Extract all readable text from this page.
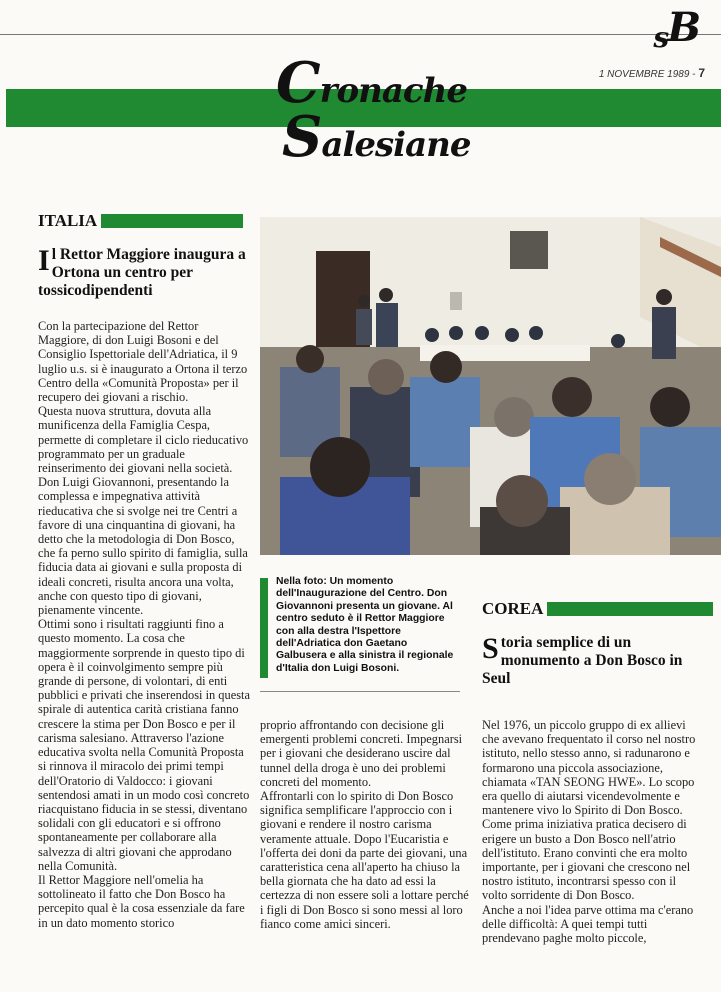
sB
1 NOVEMBRE 1989 - 7
Cronache
Salesiane
ITALIA
Il Rettor Maggiore inaugura a Ortona un centro per tossicodipendenti

Con la partecipazione del Rettor Maggiore, di don Luigi Bosoni e del Consiglio Ispettoriale dell'Adriatica, il 9 luglio u.s. si è inaugurato a Ortona il terzo Centro della «Comunità Proposta» per il recupero dei giovani a rischio.

Questa nuova struttura, dovuta alla munificenza della Famiglia Cespa, permette di completare il ciclo rieducativo programmato per un graduale reinserimento dei giovani nella società.

Don Luigi Giovannoni, presentando la complessa e impegnativa attività rieducativa che si svolge nei tre Centri a favore di una cinquantina di giovani, ha detto che la metodologia di Don Bosco, che fa perno sullo spirito di famiglia, sulla fiducia data ai giovani e sulla proposta di ideali concreti, risulta ancora una volta, anche con questo tipo di giovani, pienamente vincente.

Ottimi sono i risultati raggiunti fino a questo momento. La cosa che maggiormente sorprende in questo tipo di opera è il coinvolgimento sempre più grande di persone, di volontari, di enti pubblici e privati che inserendosi in questa spirale di autentica carità cristiana fanno crescere la stima per Don Bosco e per il carisma salesiano. Attraverso l'azione educativa svolta nella Comunità Proposta si rinnova il miracolo dei primi tempi dell'Oratorio di Valdocco: i giovani sentendosi amati in un modo così concreto riacquistano fiducia in se stessi, diventano solidali con gli educatori e si offrono spontaneamente per collaborare alla salvezza di altri giovani che approdano nella Comunità.

Il Rettor Maggiore nell'omelia ha sottolineato il fatto che Don Bosco ha percepito qual è la cosa essenziale da fare in un dato momento storico

Nella foto: Un momento dell'Inaugurazione del Centro. Don Giovannoni presenta un giovane. Al centro seduto è il Rettor Maggiore con alla destra l'Ispettore dell'Adriatica don Gaetano Galbusera e alla sinistra il regionale d'Italia don Luigi Bosoni.

proprio affrontando con decisione gli emergenti problemi concreti. Impegnarsi per i giovani che desiderano uscire dal tunnel della droga è uno dei problemi concreti del momento.

Affrontarli con lo spirito di Don Bosco significa semplificare l'approccio con i giovani e rendere il nostro carisma veramente attuale. Dopo l'Eucaristia e l'offerta dei doni da parte dei giovani, una caratteristica cena all'aperto ha chiuso la bella giornata che ha dato ad essi la certezza di non essere soli a lottare perché i figli di Don Bosco si sono messi al loro fianco come amici sinceri.

COREA
Storia semplice di un monumento a Don Bosco in Seul

Nel 1976, un piccolo gruppo di ex allievi che avevano frequentato il corso nel nostro istituto, nello stesso anno, si radunarono e formarono una piccola associazione, chiamata «TAN SEONG HWE». Lo scopo era quello di aiutarsi vicendevolmente e mantenere vivo lo Spirito di Don Bosco.

Come prima iniziativa pratica decisero di erigere un busto a Don Bosco nell'atrio dell'istituto. Erano convinti che era molto importante, per i giovani che crescono nel nostro istituto, incontrarsi spesso con il volto sorridente di Don Bosco.

Anche a noi l'idea parve ottima ma c'erano delle difficoltà: A quei tempi tutti prendevano paghe molto piccole,
